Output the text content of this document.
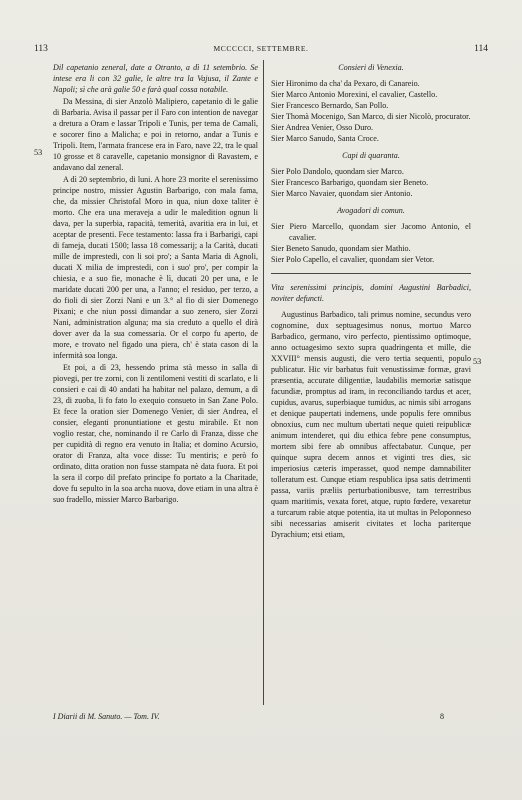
113	MCCCCCI, SETTEMBRE.	114
53
53

Dil capetanio zeneral, date a Otranto, a dì 11 setembrio. Se intese era li con 32 galie, le altre tra la Vajusa, il Zante e Napoli; sì che arà galie 50 e farà qual cossa notabile.

Da Messina, di sier Anzolò Malipiero, capetanio di le galie di Barbaria. Avisa il passar per il Faro con intention de navegar a dretura a Oram e lassar Tripoli e Tunis, per tema de Camalì, e socorer fino a Malicha; e poi in retorno, andar a Tunis e Tripoli. Item, l'armata francese era in Faro, nave 22, tra le qual 10 grosse et 8 caravelle, capetanio monsignor di Ravastem, e andavano dal zeneral.

A dì 20 septembrio, di luni. A hore 23 morite el serenissimo principe nostro, missier Agustin Barbarigo, con mala fama, che, da missier Christofal Moro in qua, niun doxe taliter è morto. Che era una meraveja a udir le maledition ognun li dava, per la superbia, rapacità, temerità, avaritia era in lui, et aceptar de presenti. Fece testamento: lassa fra i Barbarigi, capi di fameja, ducati 1500; lassa 18 comessarij; a la Carità, ducati mille de imprestedi, con li soi pro'; a Santa Maria di Agnoli, ducati X milia de imprestedi, con i suo' pro', per compir la chiesia, e a suo fie, monache è lì, ducati 20 per una, e le maridate ducati 200 per una, a l'anno; el residuo, per terzo, a do fioli di sier Zorzi Nani e un 3.° al fio di sier Domenego Pixani; e che niun possi dimandar a suo zenero, sier Zorzi Nani, administration alguna; ma sia creduto a quello el dirà dover aver da la sua comessaria. Or el corpo fu aperto, de more, e trovato nel figado una piera, ch' è stata cason di la infermità soa longa.

Et poi, a dì 23, hessendo prima stà messo in salla di piovegi, per tre zorni, con li zentilomeni vestiti di scarlato, e li consieri e cai di 40 andati ha habitar nel palazo, demum, a dì 23, di zuoba, li fo fato lo exequio consueto in San Zane Polo. Et fece la oration sier Domenego Venier, di sier Andrea, el consier, eleganti pronuntiatione et gestu mirabile. Et non voglio restar, che, nominando il re Carlo di Franza, disse che per cupidità di regno era venuto in Italia; et domino Acursio, orator di Franza, alta voce disse: Tu mentiris; e però fo ordinato, ditta oration non fusse stampata nè data fuora. Et poi la sera il corpo dil prefato principe fo portato a la Charitade, dove fu sepulto in la soa archa nuova, dove etiam in una altra è suo fradello, missier Marco Barbarigo.

Consieri di Venexia.

Sier Hironimo da cha' da Pexaro, di Canareio.

Sier Marco Antonio Morexini, el cavalier, Castello.

Sier Francesco Bernardo, San Pollo.

Sier Thomà Mocenigo, San Marco, di sier Nicolò, procurator.

Sier Andrea Venier, Osso Duro.

Sier Marco Sanudo, Santa Croce.

Capi di quaranta.

Sier Polo Dandolo, quondam sier Marco.

Sier Francesco Barbarigo, quondam sier Beneto.

Sier Marco Navaier, quondam sier Antonio.

Avogadori di comun.

Sier Piero Marcello, quondam sier Jacomo Antonio, el cavalier.

Sier Beneto Sanudo, quondam sier Mathio.

Sier Polo Capello, el cavalier, quondam sier Vetor.

Vita serenissimi principis, domini Augustini Barbadici, noviter defuncti.

Augustinus Barbadico, tali primus nomine, secundus vero cognomine, dux septuagesimus nonus, mortuo Marco Barbadico, germano, viro perfecto, pientissimo optimoque, anno octuagesimo sexto supra quadringenta et mille, die XXVIII° mensis augusti, die vero tertia sequenti, populo publicatur. Hic vir barbatus fuit venustissimæ formæ, gravi præsentia, accurate diligentiæ, laudabilis memoriæ satisque facundiæ, promptus ad iram, in reconciliando tardus et acer, cupidus, avarus, superbiaque tumidus, ac nimis sibi arrogans et denique paupertati indemens, unde populis fere omnibus obnoxius, cum nec multum ubertati neque quieti reipublicæ animum intenderet, qui diu ethica febre pene consumptus, mortem sibi fere ab omnibus affectabatur. Cunque, per quinque supra decem annos et viginti tres dies, sic imperiosius cæteris imperasset, quod nempe damnabiliter tolleratum est. Cunque etiam respublica ipsa satis detrimenti passa, variis præliis perturbationibusve, tam terrestribus quam maritimis, vexata foret, atque, rupto fœdere, vexaretur a turcarum rabie atque potentia, ita ut multas in Peloponneso sibi necessarias amiserit civitates et locha pariterque Dyrachium; etsi etiam,

I Diarii di M. Sanuto. — Tom. IV.	8
